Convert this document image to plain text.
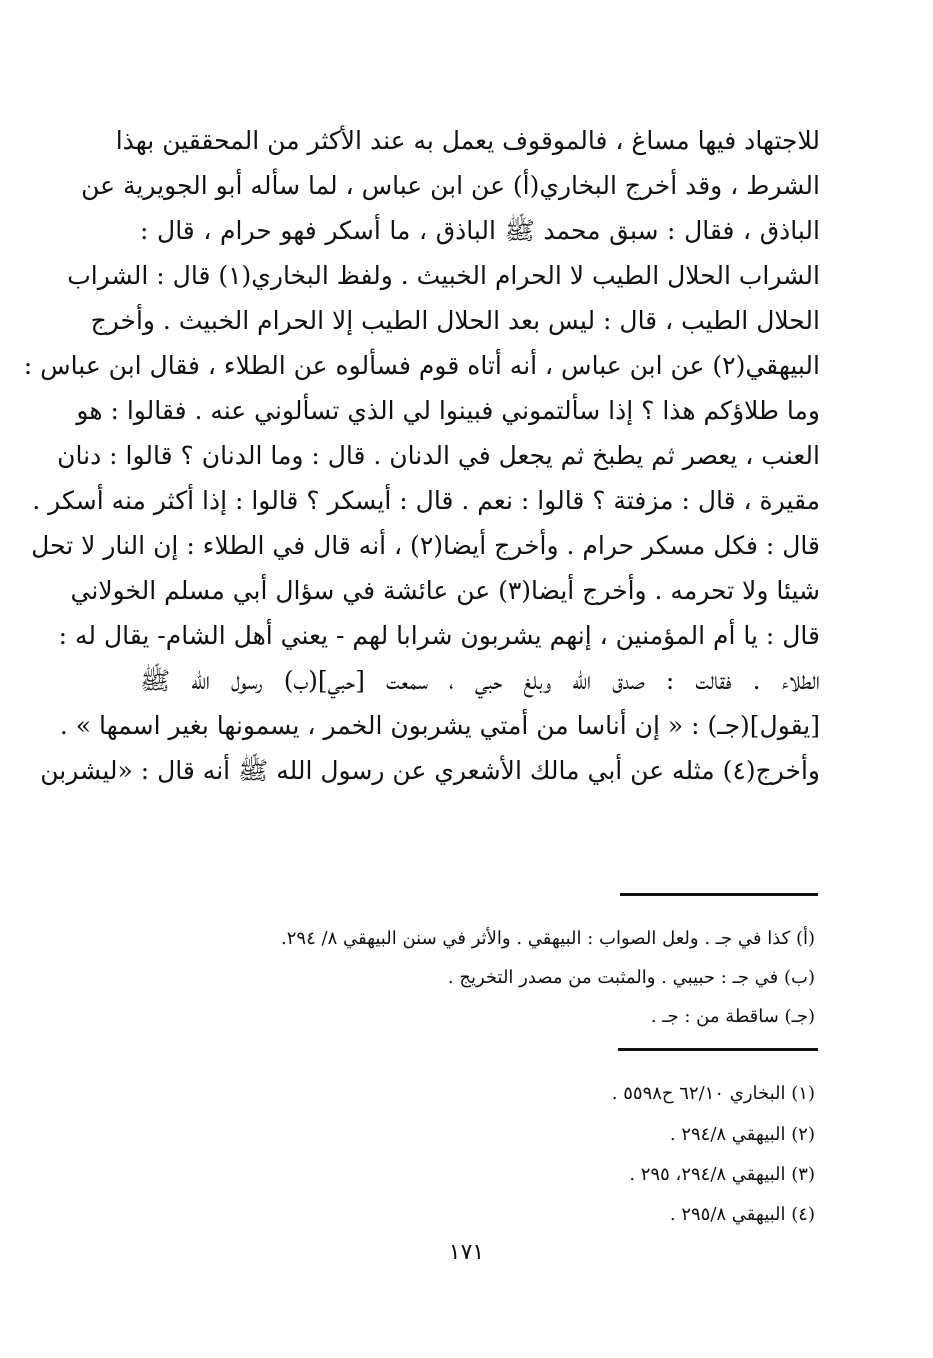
للاجتهاد فيها مساغ ، فالموقوف يعمل به عند الأكثر من المحققين بهذا
الشرط ، وقد أخرج البخاري(أ) عن ابن عباس ، لما سأله أبو الجويرية عن
الباذق ، فقال : سبق محمد ﷺ الباذق ، ما أسكر فهو حرام ، قال :
الشراب الحلال الطيب لا الحرام الخبيث . ولفظ البخاري(١) قال : الشراب
الحلال الطيب ، قال : ليس بعد الحلال الطيب إلا الحرام الخبيث . وأخرج
البيهقي(٢) عن ابن عباس ، أنه أتاه قوم فسألوه عن الطلاء ، فقال ابن عباس :
وما طلاؤكم هذا ؟ إذا سألتموني فبينوا لي الذي تسألوني عنه . فقالوا : هو
العنب ، يعصر ثم يطبخ ثم يجعل في الدنان . قال : وما الدنان ؟ قالوا : دنان
مقيرة ، قال : مزفتة ؟ قالوا : نعم . قال : أيسكر ؟ قالوا : إذا أكثر منه أسكر .
قال : فكل مسكر حرام . وأخرج أيضا(٢) ، أنه قال في الطلاء : إن النار لا تحل
شيئا ولا تحرمه . وأخرج أيضا(٣) عن عائشة في سؤال أبي مسلم الخولاني
قال : يا أم المؤمنين ، إنهم يشربون شرابا لهم - يعني أهل الشام- يقال له :
الطلاء . فقالت : صدق الله وبلغ حبي ، سمعت [حبي](ب) رسول الله ﷺ
[يقول](جـ) : « إن أناسا من أمتي يشربون الخمر ، يسمونها بغير اسمها » .
وأخرج(٤) مثله عن أبي مالك الأشعري عن رسول الله ﷺ أنه قال : «ليشربن
(أ) كذا في جـ . ولعل الصواب : البيهقي . والأثر في سنن البيهقي ٨/ ٢٩٤.
(ب) في جـ : حبيبي . والمثبت من مصدر التخريج .
(جـ) ساقطة من : جـ .
(١) البخاري ٦٢/١٠ ح٥٥٩٨ .
(٢) البيهقي ٢٩٤/٨ .
(٣) البيهقي ٢٩٤/٨، ٢٩٥ .
(٤) البيهقي ٢٩٥/٨ .
١٧١
